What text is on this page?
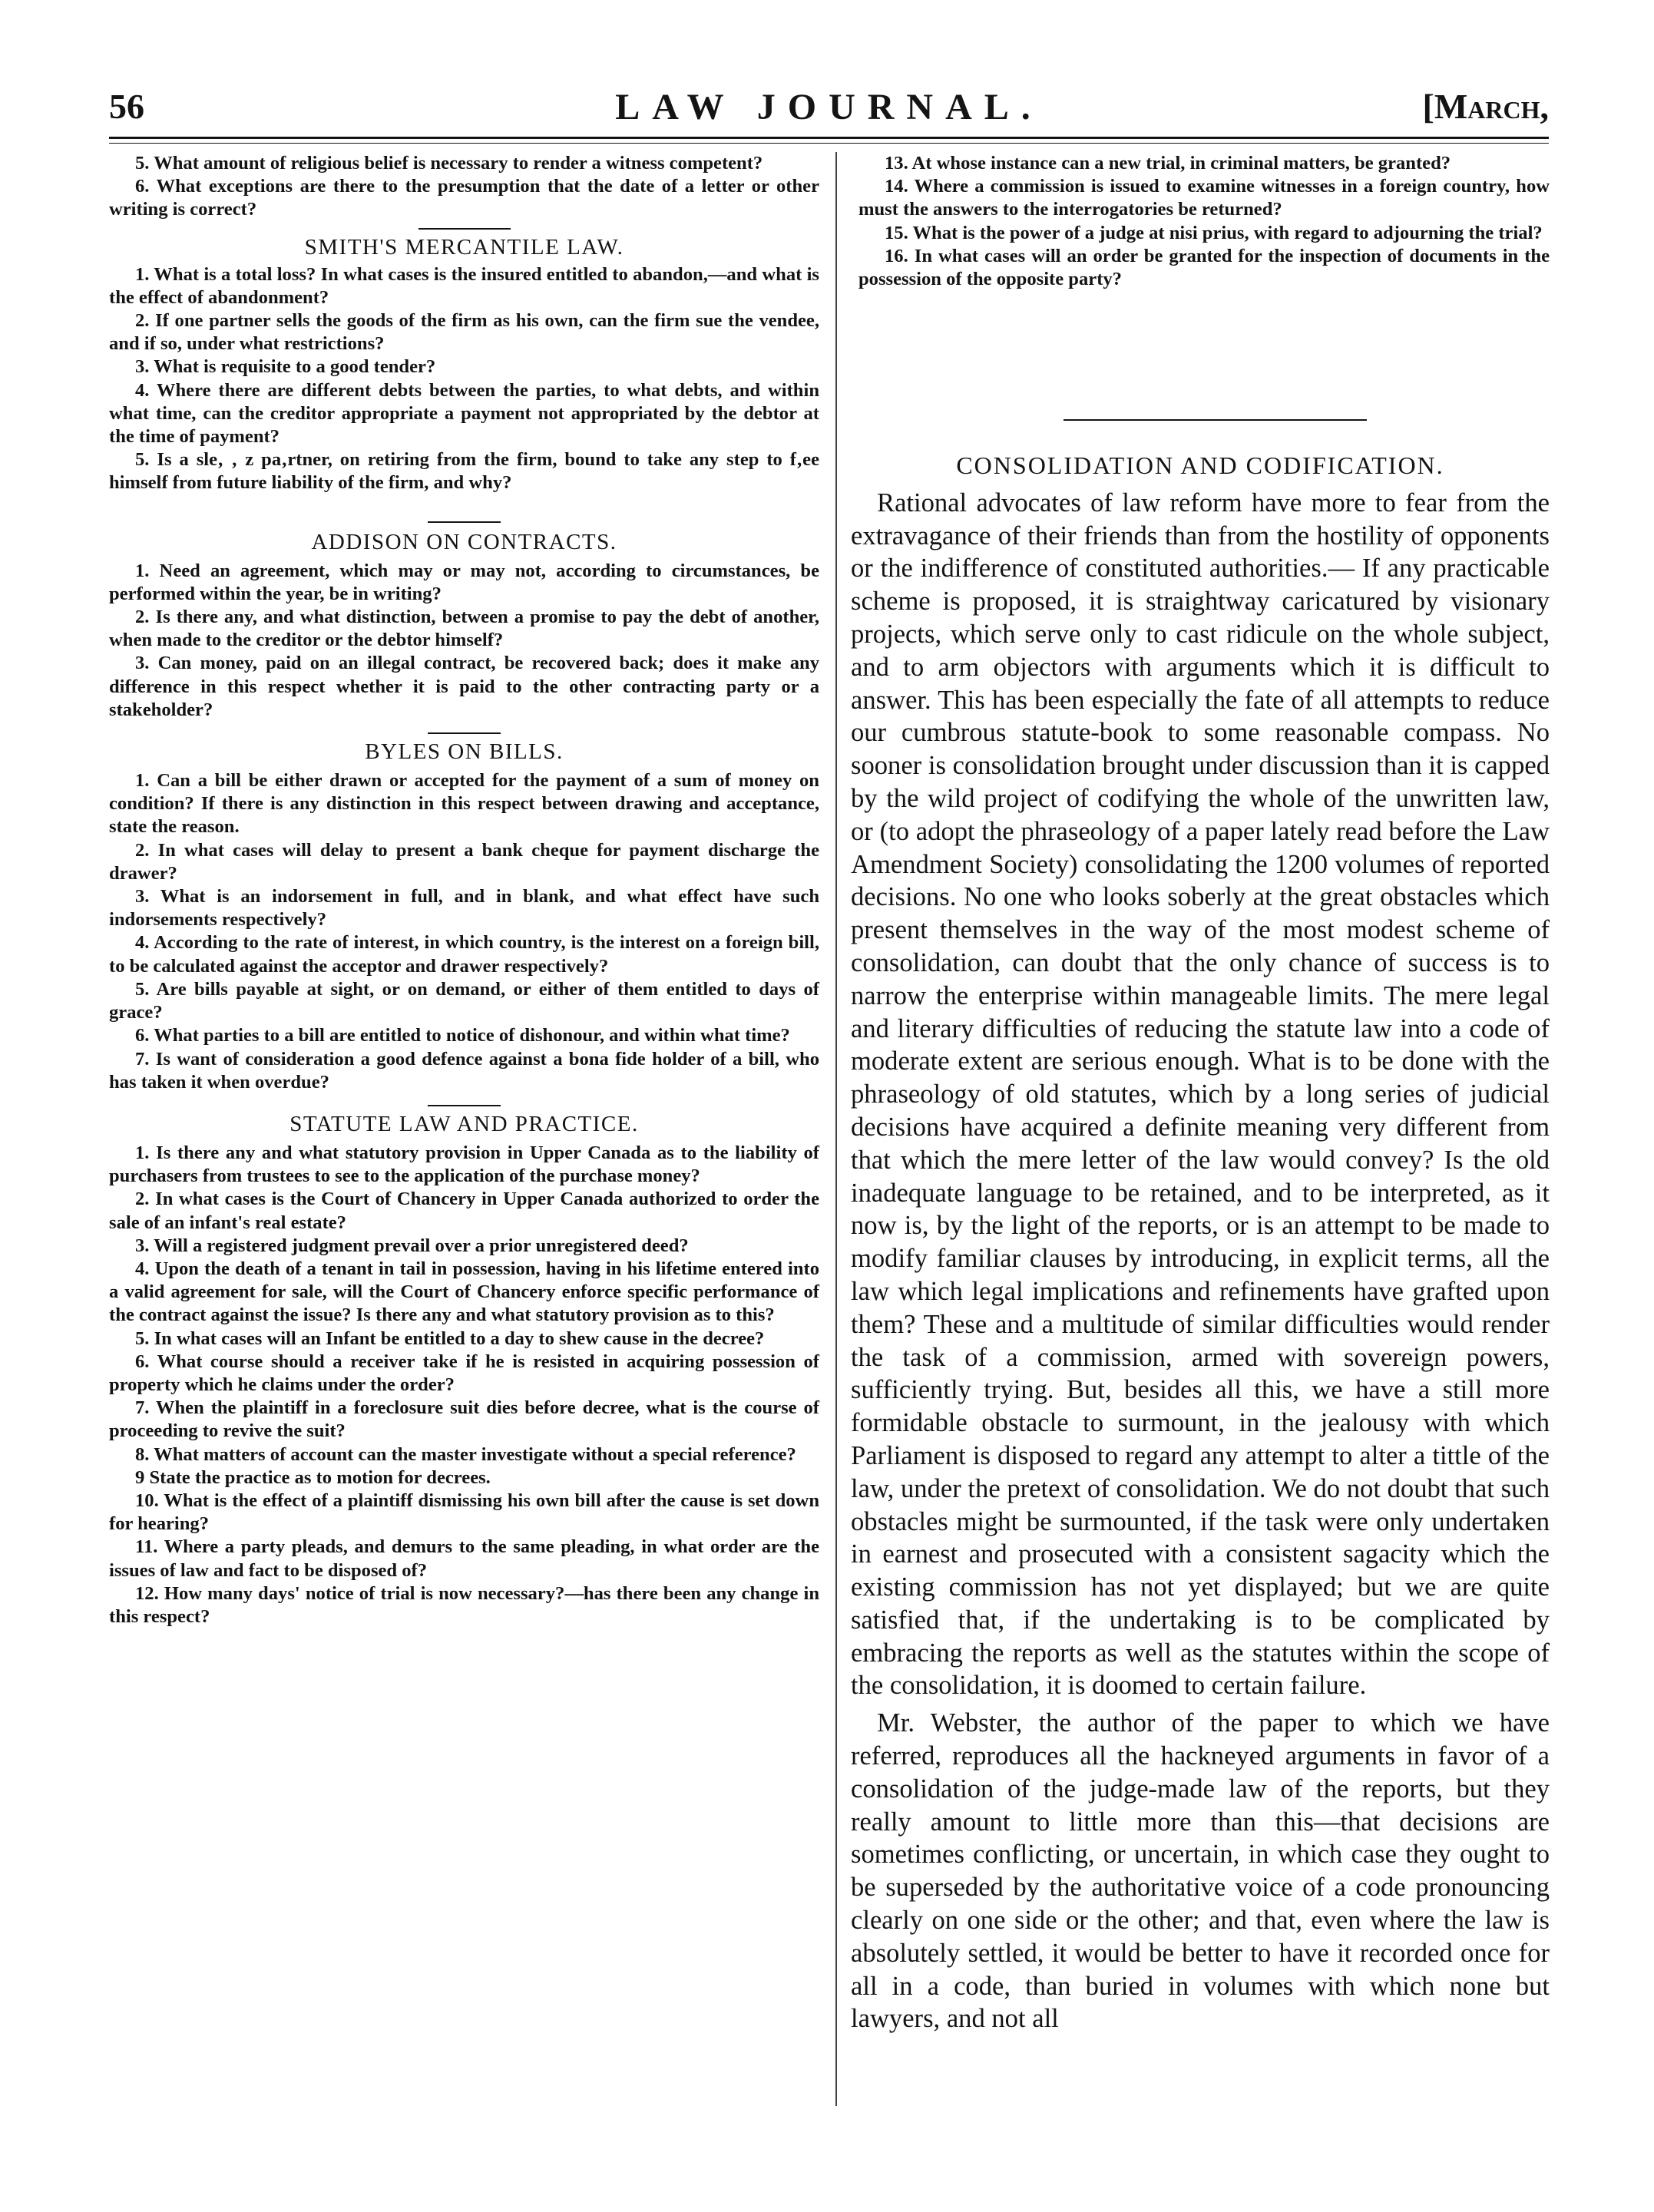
56	LAW JOURNAL.	[March,

5. What amount of religious belief is necessary to render a witness competent?

6. What exceptions are there to the presumption that the date of a letter or other writing is correct?

SMITH'S MERCANTILE LAW.

1. What is a total loss? In what cases is the insured entitled to abandon,—and what is the effect of abandonment?

2. If one partner sells the goods of the firm as his own, can the firm sue the vendee, and if so, under what restrictions?

3. What is requisite to a good tender?

4. Where there are different debts between the parties, to what debts, and within what time, can the creditor appropriate a payment not appropriated by the debtor at the time of payment?

5. Is a sle‚ ‚ z pa‚rtner, on retiring from the firm, bound to take any step to f‚ee himself from future liability of the firm, and why?

ADDISON ON CONTRACTS.

1. Need an agreement, which may or may not, according to circumstances, be performed within the year, be in writing?

2. Is there any, and what distinction, between a promise to pay the debt of another, when made to the creditor or the debtor himself?

3. Can money, paid on an illegal contract, be recovered back; does it make any difference in this respect whether it is paid to the other contracting party or a stakeholder?

BYLES ON BILLS.

1. Can a bill be either drawn or accepted for the payment of a sum of money on condition? If there is any distinction in this respect between drawing and acceptance, state the reason.

2. In what cases will delay to present a bank cheque for payment discharge the drawer?

3. What is an indorsement in full, and in blank, and what effect have such indorsements respectively?

4. According to the rate of interest, in which country, is the interest on a foreign bill, to be calculated against the acceptor and drawer respectively?

5. Are bills payable at sight, or on demand, or either of them entitled to days of grace?

6. What parties to a bill are entitled to notice of dishonour, and within what time?

7. Is want of consideration a good defence against a bona fide holder of a bill, who has taken it when overdue?

STATUTE LAW AND PRACTICE.

1. Is there any and what statutory provision in Upper Canada as to the liability of purchasers from trustees to see to the application of the purchase money?

2. In what cases is the Court of Chancery in Upper Canada authorized to order the sale of an infant's real estate?

3. Will a registered judgment prevail over a prior unregistered deed?

4. Upon the death of a tenant in tail in possession, having in his lifetime entered into a valid agreement for sale, will the Court of Chancery enforce specific performance of the contract against the issue? Is there any and what statutory provision as to this?

5. In what cases will an Infant be entitled to a day to shew cause in the decree?

6. What course should a receiver take if he is resisted in acquiring possession of property which he claims under the order?

7. When the plaintiff in a foreclosure suit dies before decree, what is the course of proceeding to revive the suit?

8. What matters of account can the master investigate without a special reference?

9 State the practice as to motion for decrees.

10. What is the effect of a plaintiff dismissing his own bill after the cause is set down for hearing?

11. Where a party pleads, and demurs to the same pleading, in what order are the issues of law and fact to be disposed of?

12. How many days' notice of trial is now necessary?—has there been any change in this respect?

13. At whose instance can a new trial, in criminal matters, be granted?

14. Where a commission is issued to examine witnesses in a foreign country, how must the answers to the interrogatories be returned?

15. What is the power of a judge at nisi prius, with regard to adjourning the trial?

16. In what cases will an order be granted for the inspection of documents in the possession of the opposite party?

CONSOLIDATION AND CODIFICATION.

Rational advocates of law reform have more to fear from the extravagance of their friends than from the hostility of opponents or the indifference of constituted authorities.— If any practicable scheme is proposed, it is straightway caricatured by visionary projects, which serve only to cast ridicule on the whole subject, and to arm objectors with arguments which it is difficult to answer. This has been especially the fate of all attempts to reduce our cumbrous statute-book to some reasonable compass. No sooner is consolidation brought under discussion than it is capped by the wild project of codifying the whole of the unwritten law, or (to adopt the phraseology of a paper lately read before the Law Amendment Society) consolidating the 1200 volumes of reported decisions. No one who looks soberly at the great obstacles which present themselves in the way of the most modest scheme of consolidation, can doubt that the only chance of success is to narrow the enterprise within manageable limits. The mere legal and literary difficulties of reducing the statute law into a code of moderate extent are serious enough. What is to be done with the phraseology of old statutes, which by a long series of judicial decisions have acquired a definite meaning very different from that which the mere letter of the law would convey? Is the old inadequate language to be retained, and to be interpreted, as it now is, by the light of the reports, or is an attempt to be made to modify familiar clauses by introducing, in explicit terms, all the law which legal implications and refinements have grafted upon them? These and a multitude of similar difficulties would render the task of a commission, armed with sovereign powers, sufficiently trying. But, besides all this, we have a still more formidable obstacle to surmount, in the jealousy with which Parliament is disposed to regard any attempt to alter a tittle of the law, under the pretext of consolidation. We do not doubt that such obstacles might be surmounted, if the task were only undertaken in earnest and prosecuted with a consistent sagacity which the existing commission has not yet displayed; but we are quite satisfied that, if the undertaking is to be complicated by embracing the reports as well as the statutes within the scope of the consolidation, it is doomed to certain failure.

Mr. Webster, the author of the paper to which we have referred, reproduces all the hackneyed arguments in favor of a consolidation of the judge-made law of the reports, but they really amount to little more than this—that decisions are sometimes conflicting, or uncertain, in which case they ought to be superseded by the authoritative voice of a code pronouncing clearly on one side or the other; and that, even where the law is absolutely settled, it would be better to have it recorded once for all in a code, than buried in volumes with which none but lawyers, and not all
